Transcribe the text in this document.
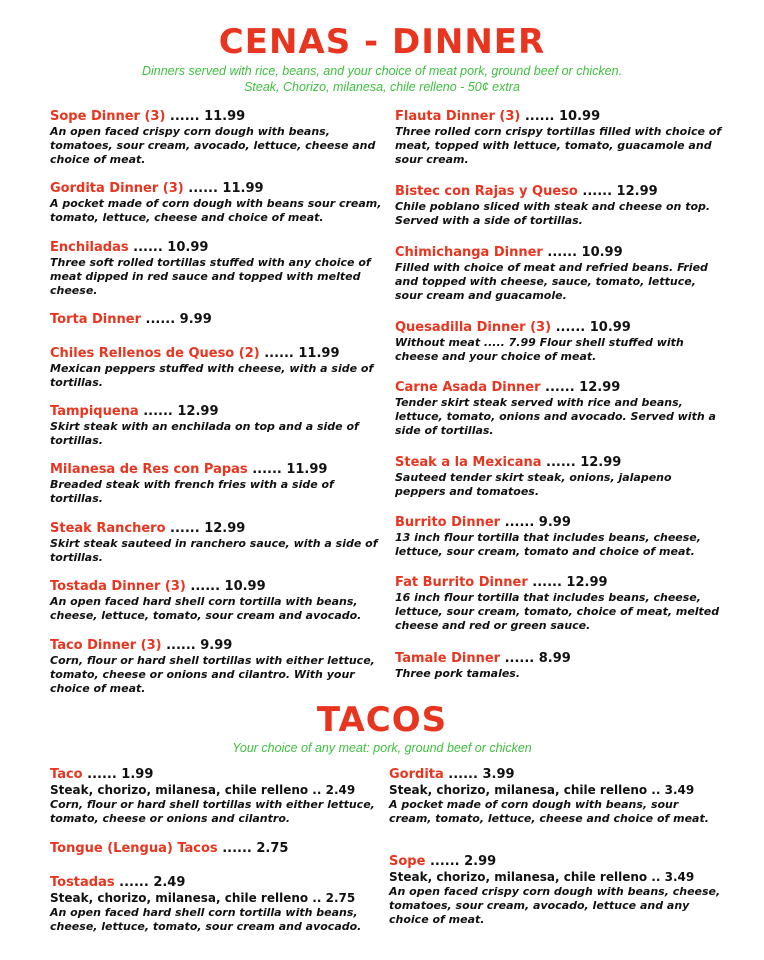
CENAS - DINNER
Dinners served with rice, beans, and your choice of meat pork, ground beef or chicken.
Steak, Chorizo, milanesa, chile relleno - 50¢ extra
Sope Dinner (3) ...... 11.99
An open faced crispy corn dough with beans, tomatoes, sour cream, avocado, lettuce, cheese and choice of meat.
Gordita Dinner (3) ...... 11.99
A pocket made of corn dough with beans sour cream, tomato, lettuce, cheese and choice of meat.
Enchiladas ...... 10.99
Three soft rolled tortillas stuffed with any choice of meat dipped in red sauce and topped with melted cheese.
Torta Dinner ...... 9.99
Chiles Rellenos de Queso (2) ...... 11.99
Mexican peppers stuffed with cheese, with a side of tortillas.
Tampiquena ...... 12.99
Skirt steak with an enchilada on top and a side of tortillas.
Milanesa de Res con Papas ...... 11.99
Breaded steak with french fries with a side of tortillas.
Steak Ranchero ...... 12.99
Skirt steak sauteed in ranchero sauce, with a side of tortillas.
Tostada Dinner (3) ...... 10.99
An open faced hard shell corn tortilla with beans, cheese, lettuce, tomato, sour cream and avocado.
Taco Dinner (3) ...... 9.99
Corn, flour or hard shell tortillas with either lettuce, tomato, cheese or onions and cilantro. With your choice of meat.
Flauta Dinner (3) ...... 10.99
Three rolled corn crispy tortillas filled with choice of meat, topped with lettuce, tomato, guacamole and sour cream.
Bistec con Rajas y Queso ...... 12.99
Chile poblano sliced with steak and cheese on top. Served with a side of tortillas.
Chimichanga Dinner ...... 10.99
Filled with choice of meat and refried beans. Fried and topped with cheese, sauce, tomato, lettuce, sour cream and guacamole.
Quesadilla Dinner (3) ...... 10.99
Without meat ..... 7.99 Flour shell stuffed with cheese and your choice of meat.
Carne Asada Dinner ...... 12.99
Tender skirt steak served with rice and beans, lettuce, tomato, onions and avocado. Served with a side of tortillas.
Steak a la Mexicana ...... 12.99
Sauteed tender skirt steak, onions, jalapeno peppers and tomatoes.
Burrito Dinner ...... 9.99
13 inch flour tortilla that includes beans, cheese, lettuce, sour cream, tomato and choice of meat.
Fat Burrito Dinner ...... 12.99
16 inch flour tortilla that includes beans, cheese, lettuce, sour cream, tomato, choice of meat, melted cheese and red or green sauce.
Tamale Dinner ...... 8.99
Three pork tamales.
TACOS
Your choice of any meat: pork, ground beef or chicken
Taco ...... 1.99
Steak, chorizo, milanesa, chile relleno .. 2.49
Corn, flour or hard shell tortillas with either lettuce, tomato, cheese or onions and cilantro.
Tongue (Lengua) Tacos ...... 2.75
Tostadas ...... 2.49
Steak, chorizo, milanesa, chile relleno .. 2.75
An open faced hard shell corn tortilla with beans, cheese, lettuce, tomato, sour cream and avocado.
Gordita ...... 3.99
Steak, chorizo, milanesa, chile relleno .. 3.49
A pocket made of corn dough with beans, sour cream, tomato, lettuce, cheese and choice of meat.
Sope ...... 2.99
Steak, chorizo, milanesa, chile relleno .. 3.49
An open faced crispy corn dough with beans, cheese, tomatoes, sour cream, avocado, lettuce and any choice of meat.
